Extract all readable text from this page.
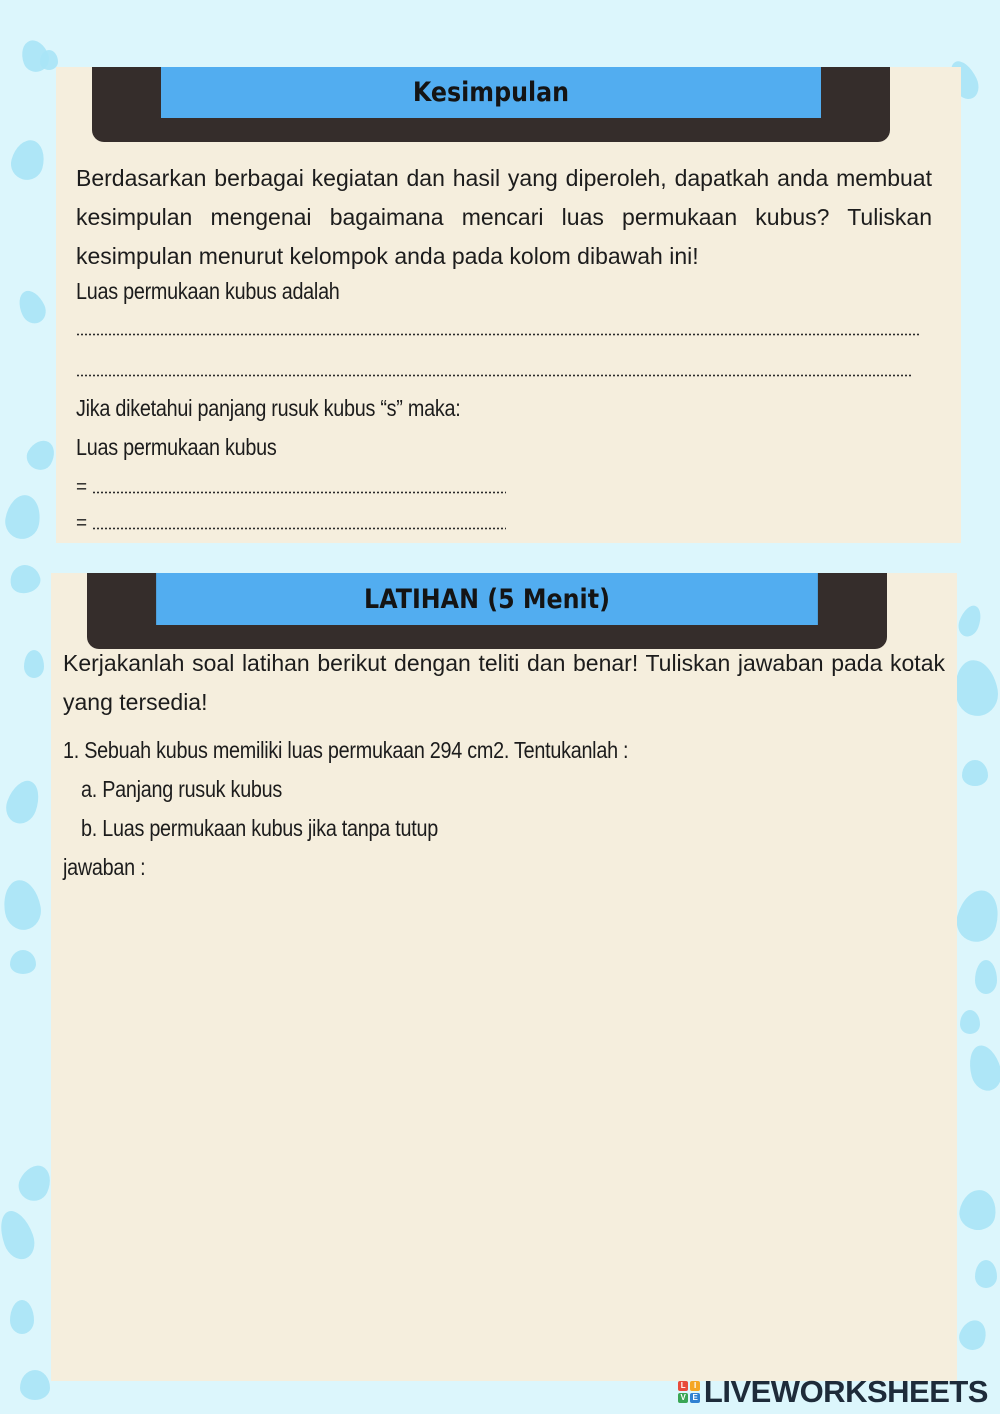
Kesimpulan

Berdasarkan berbagai kegiatan dan hasil yang diperoleh, dapatkah anda membuat kesimpulan mengenai bagaimana mencari luas permukaan kubus? Tuliskan kesimpulan menurut kelompok anda pada kolom dibawah ini!

Luas permukaan kubus adalah
Jika diketahui panjang rusuk kubus “s” maka:
Luas permukaan kubus
=
=
LATIHAN (5 Menit)

Kerjakanlah soal latihan berikut dengan teliti dan benar! Tuliskan jawaban pada kotak yang tersedia!

1. Sebuah kubus memiliki luas permukaan 294 cm2. Tentukanlah :
a. Panjang rusuk kubus
b. Luas permukaan kubus jika tanpa tutup
jawaban :
L	I
V E LIVEWORKSHEETS
